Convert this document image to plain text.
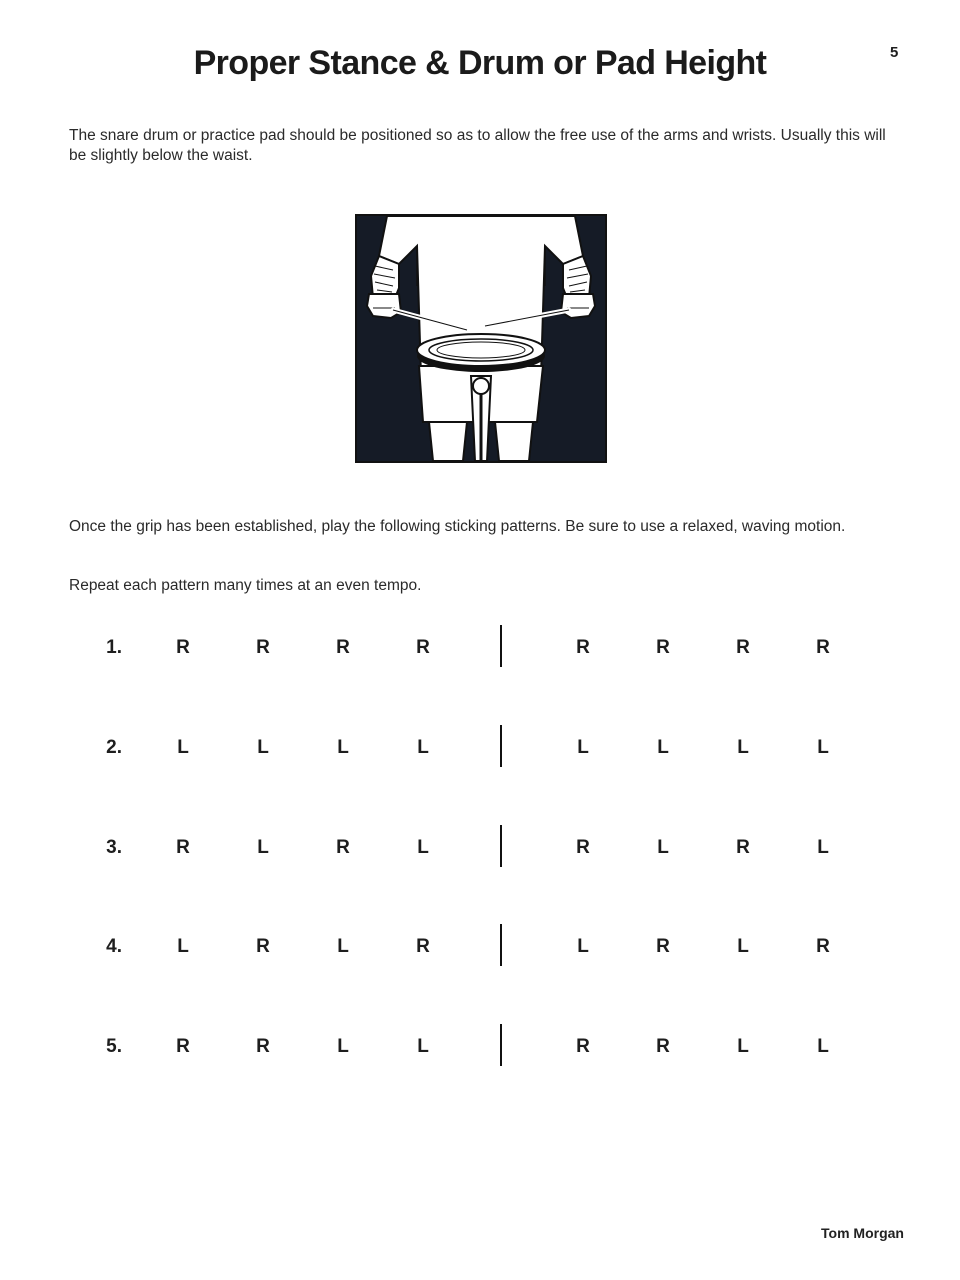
5
Proper Stance & Drum or Pad Height

The snare drum or practice pad should be positioned so as to allow the free use of the arms and wrists. Usually this will be slightly below the waist.

Once the grip has been established, play the following sticking patterns. Be sure to use a relaxed, waving motion.

Repeat each pattern many times at an even tempo.

1.	R	R	R	R	R	R	R	R
2.	L	L	L	L	L	L	L	L
3.	R	L	R	L	R	L	R	L
4.	L	R	L	R	L	R	L	R
5.	R	R	L	L	R	R	L	L
Tom Morgan
